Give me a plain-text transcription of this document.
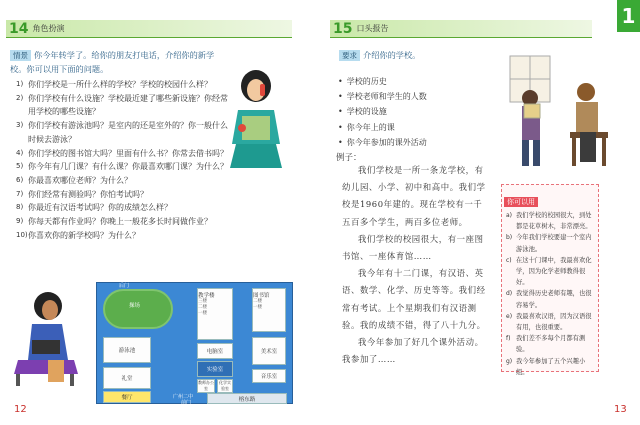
14 角色扮演
情景 你今年转学了。给你的朋友打电话，介绍你的新学校。你可以用下面的问题。
1) 你们学校是一所什么样的学校？学校的校园什么样？
2) 你们学校有什么设施？学校最近建了哪些新设施？你经常用学校的哪些设施？
3) 你们学校有游泳池吗？是室内的还是室外的？你一般什么时候去游泳？
4) 你们学校的图书馆大吗？里面有什么书？你常去借书吗？
5) 你今年有几门课？有什么课？你最喜欢哪门课？为什么？
6) 你最喜欢哪位老师？为什么？
7) 你们经常有测验吗？你怕考试吗？
8) 你最近有汉语考试吗？你的成绩怎么样？
9) 你每天都有作业吗？你晚上一般花多长时间做作业？
10) 你喜欢你的新学校吗？为什么？
后门
操场
教学楼
三楼
二楼
一楼
图书馆
二楼
一楼
游泳池
礼堂
电脑室
实验室
教师办公室
化学实验室
美术室
音乐室
餐厅	广州二中
前门
榕东路
12
15 口头报告
1
要求 介绍你的学校。
• 学校的历史
• 学校老师和学生的人数
• 学校的设施
• 你今年上的课
• 你今年参加的课外活动
例子：

我们学校是一所一条龙学校，有幼儿园、小学、初中和高中。我们学校是1960年建的。现在学校有一千五百多个学生，两百多位老师。

我们学校的校园很大，有一座图书馆、一座体育馆……

我今年有十二门课，有汉语、英语、数学、化学、历史等等。我们经常有考试。上个星期我们有汉语测验。我的成绩不错，得了八十九分。

我今年参加了好几个课外活动。我参加了……

你可以用
a) 我们学校的校园很大，到处都是花草树木，非常漂亮。
b) 今年我们学校要建一个室内游泳池。
c) 在这十门课中，我最喜欢化学，因为化学老师教得很好。
d) 我觉得历史老师有趣，也很容易学。
e) 我最喜欢汉语，因为汉语很有用，也很重要。
f) 我们差不多每个月都有测验。
g) 我今年参加了五个兴趣小组。
13
